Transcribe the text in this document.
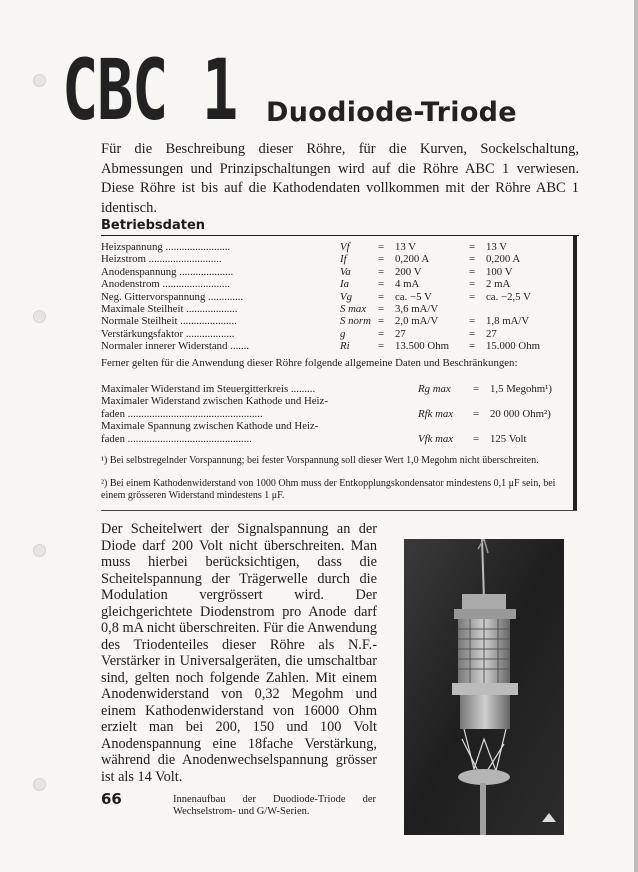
CBC 1 Duodiode-Triode

Für die Beschreibung dieser Röhre, für die Kurven, Sockelschaltung, Abmessungen und Prinzipschaltungen wird auf die Röhre ABC 1 verwiesen. Diese Röhre ist bis auf die Kathodendaten vollkommen mit der Röhre ABC 1 identisch.

Betriebsdaten
Heizspannung ........................	Vf	= 13 V	= 13 V
Heizstrom ...........................	If	= 0,200 A	= 0,200 A
Anodenspannung ....................	Va	= 200 V	= 100 V
Anodenstrom .........................	Ia	= 4 mA	= 2 mA
Neg. Gittervorspannung .............	Vg = ca. −5 V	= ca. −2,5 V
Maximale Steilheit ...................	S max = 3,6 mA/V
Normale Steilheit .....................	S norm = 2,0 mA/V	= 1,8 mA/V
Verstärkungsfaktor ..................	g	= 27	= 27
Normaler innerer Widerstand .......	Ri	= 13.500 Ohm = 15.000 Ohm

Ferner gelten für die Anwendung dieser Röhre folgende allgemeine Daten und Beschränkungen:

Maximaler Widerstand im Steuergitterkreis .........	Rg max = 1,5 Megohm¹)
Maximaler Widerstand zwischen Kathode und Heiz-
faden ..................................................	Rfk max = 20 000 Ohm²)
Maximale Spannung zwischen Kathode und Heiz-
faden ..............................................	Vfk max = 125 Volt

¹) Bei selbstregelnder Vorspannung; bei fester Vorspannung soll dieser Wert 1,0 Megohm nicht überschreiten.

²) Bei einem Kathodenwiderstand von 1000 Ohm muss der Entkopplungskondensator mindestens 0,1 μF sein, bei einem grösseren Widerstand mindestens 1 μF.

Der Scheitelwert der Signalspannung an der Diode darf 200 Volt nicht überschreiten. Man muss hierbei berücksichtigen, dass die Scheitelspannung der Trägerwelle durch die Modulation vergrössert wird. Der gleichgerichtete Diodenstrom pro Anode darf 0,8 mA nicht überschreiten. Für die Anwendung des Triodenteiles dieser Röhre als N.F.-Verstärker in Universalgeräten, die umschaltbar sind, gelten noch folgende Zahlen. Mit einem Anodenwiderstand von 0,32 Megohm und einem Kathodenwiderstand von 16000 Ohm erzielt man bei 200, 150 und 100 Volt Anodenspannung eine 18fache Verstärkung, während die Anodenwechselspannung grösser ist als 14 Volt.

66	Innenaufbau der Duodiode-Triode der Wechselstrom- und G/W-Serien.
